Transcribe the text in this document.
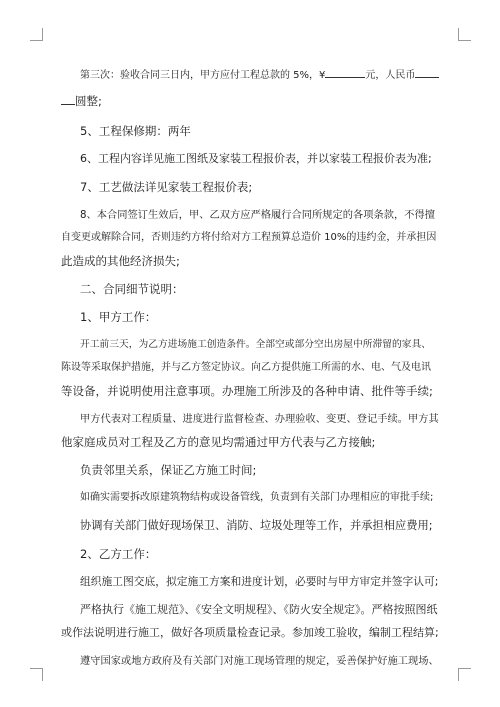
第三次：验收合同三日内，甲方应付工程总款的 5%，¥	元，人民币
圆整;
5、工程保修期：两年
6、工程内容详见施工图纸及家装工程报价表，并以家装工程报价表为准;
7、工艺做法详见家装工程报价表;
8、本合同签订生效后，甲、乙双方应严格履行合同所规定的各项条款，不得擅
自变更或解除合同，否则违约方将付给对方工程预算总造价 10%的违约金，并承担因
此造成的其他经济损失;
二、合同细节说明：
1、甲方工作：
开工前三天，为乙方进场施工创造条件。全部空或部分空出房屋中所滞留的家具、
陈设等采取保护措施，并与乙方签定协议。向乙方提供施工所需的水、电、气及电讯
等设备，并说明使用注意事项。办理施工所涉及的各种申请、批件等手续;
甲方代表对工程质量、进度进行监督检查、办理验收、变更、登记手续。甲方其
他家庭成员对工程及乙方的意见均需通过甲方代表与乙方接触;
负责邻里关系，保证乙方施工时间;
如确实需要拆改原建筑物结构或设备管线，负责到有关部门办理相应的审批手续;
协调有关部门做好现场保卫、消防、垃圾处理等工作，并承担相应费用;
2、乙方工作：
组织施工图交底，拟定施工方案和进度计划，必要时与甲方审定并签字认可;
严格执行《施工规范》、《安全文明规程》、《防火安全规定》。严格按照图纸
或作法说明进行施工，做好各项质量检查记录。参加竣工验收，编制工程结算;
遵守国家或地方政府及有关部门对施工现场管理的规定，妥善保护好施工现场、
